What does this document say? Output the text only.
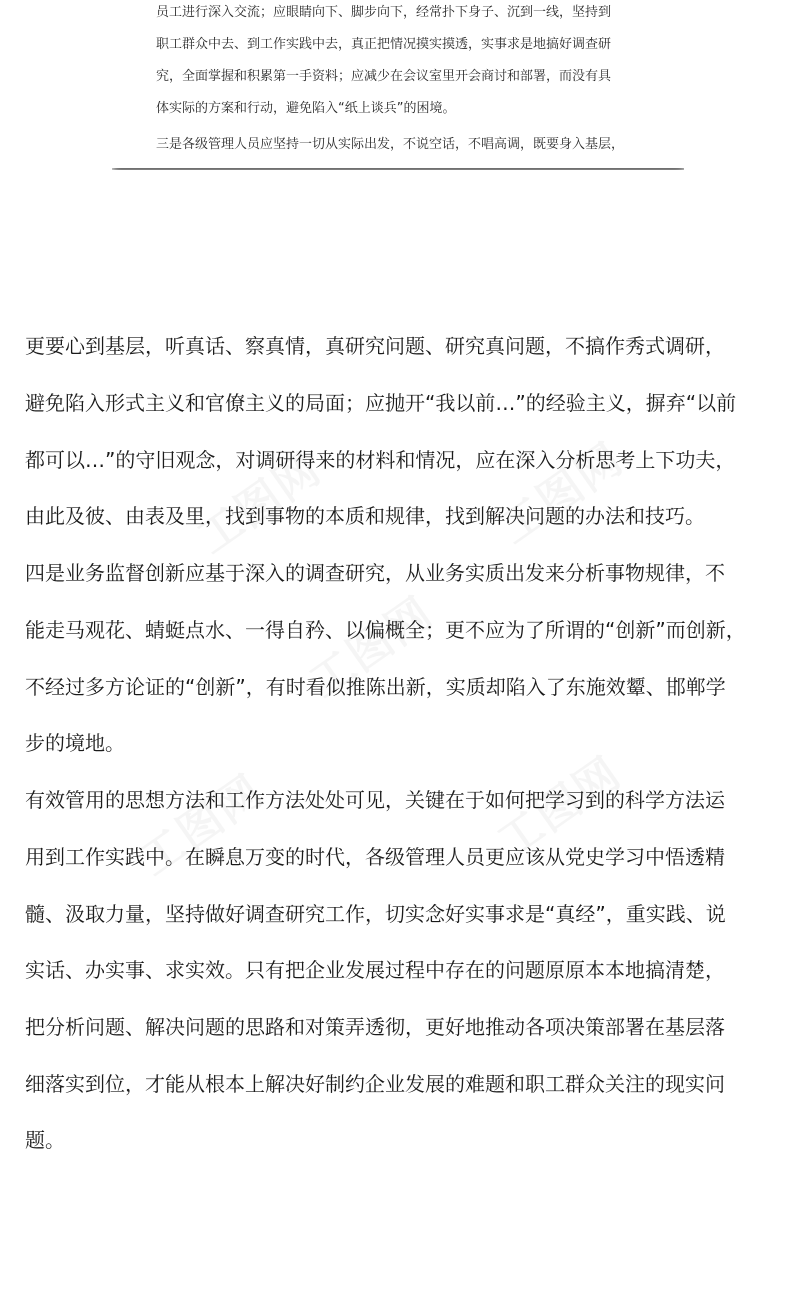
员工进行深入交流；应眼睛向下、脚步向下，经常扑下身子、沉到一线，坚持到
职工群众中去、到工作实践中去，真正把情况摸实摸透，实事求是地搞好调查研
究，全面掌握和积累第一手资料；应减少在会议室里开会商讨和部署，而没有具
体实际的方案和行动，避免陷入“纸上谈兵”的困境。
三是各级管理人员应坚持一切从实际出发，不说空话，不唱高调，既要身入基层，
更要心到基层，听真话、察真情，真研究问题、研究真问题，不搞作秀式调研，
避免陷入形式主义和官僚主义的局面；应抛开“我以前…”的经验主义，摒弃“以前
都可以…”的守旧观念，对调研得来的材料和情况，应在深入分析思考上下功夫，
由此及彼、由表及里，找到事物的本质和规律，找到解决问题的办法和技巧。
四是业务监督创新应基于深入的调查研究，从业务实质出发来分析事物规律，不
能走马观花、蜻蜓点水、一得自矜、以偏概全；更不应为了所谓的“创新”而创新，
不经过多方论证的“创新”，有时看似推陈出新，实质却陷入了东施效颦、邯郸学
步的境地。
有效管用的思想方法和工作方法处处可见，关键在于如何把学习到的科学方法运
用到工作实践中。在瞬息万变的时代，各级管理人员更应该从党史学习中悟透精
髓、汲取力量，坚持做好调查研究工作，切实念好实事求是“真经”，重实践、说
实话、办实事、求实效。只有把企业发展过程中存在的问题原原本本地搞清楚，
把分析问题、解决问题的思路和对策弄透彻，更好地推动各项决策部署在基层落
细落实到位，才能从根本上解决好制约企业发展的难题和职工群众关注的现实问
题。
